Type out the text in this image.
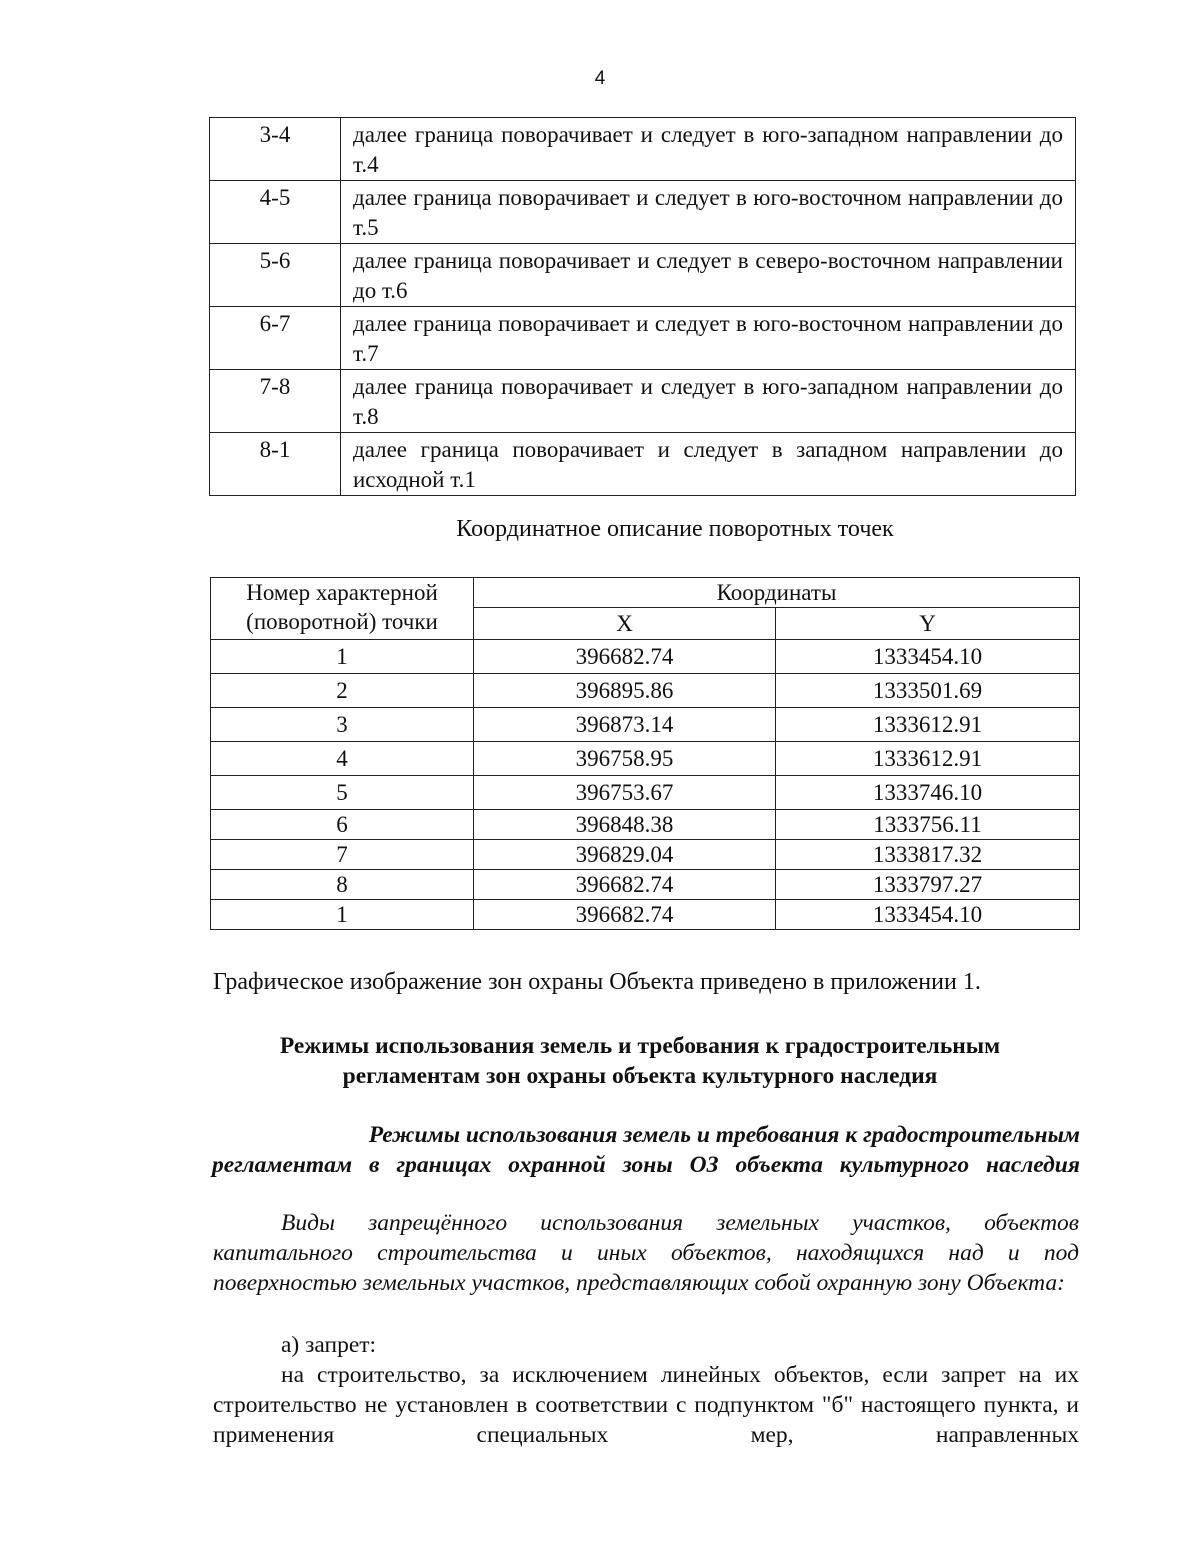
4
3-4	далее граница поворачивает и следует в юго-западном направлении до т.4
4-5	далее граница поворачивает и следует в юго-восточном направлении до т.5
5-6	далее граница поворачивает и следует в северо-восточном направлении до т.6
6-7	далее граница поворачивает и следует в юго-восточном направлении до т.7
7-8	далее граница поворачивает и следует в юго-западном направлении до т.8
8-1	далее граница поворачивает и следует в западном направлении до исходной т.1
Координатное описание поворотных точек
Номер характерной
(поворотной) точки	Координаты	
	X	Y
1	396682.74	1333454.10
2	396895.86	1333501.69
3	396873.14	1333612.91
4	396758.95	1333612.91
5	396753.67	1333746.10
6	396848.38	1333756.11
7	396829.04	1333817.32
8	396682.74	1333797.27
1	396682.74	1333454.10
Графическое изображение зон охраны Объекта приведено в приложении 1.
Режимы использования земель и требования к градостроительным
регламентам зон охраны объекта культурного наследия
Режимы использования земель и требования к градостроительным
регламентам в границах охранной зоны ОЗ объекта культурного наследия
Виды запрещённого использования земельных участков, объектов капитального строительства и иных объектов, находящихся над и под поверхностью земельных участков, представляющих собой охранную зону Объекта:
а) запрет:
на строительство, за исключением линейных объектов, если запрет на их строительство не установлен в соответствии с подпунктом "б" настоящего пункта, и применения специальных мер, направленных
